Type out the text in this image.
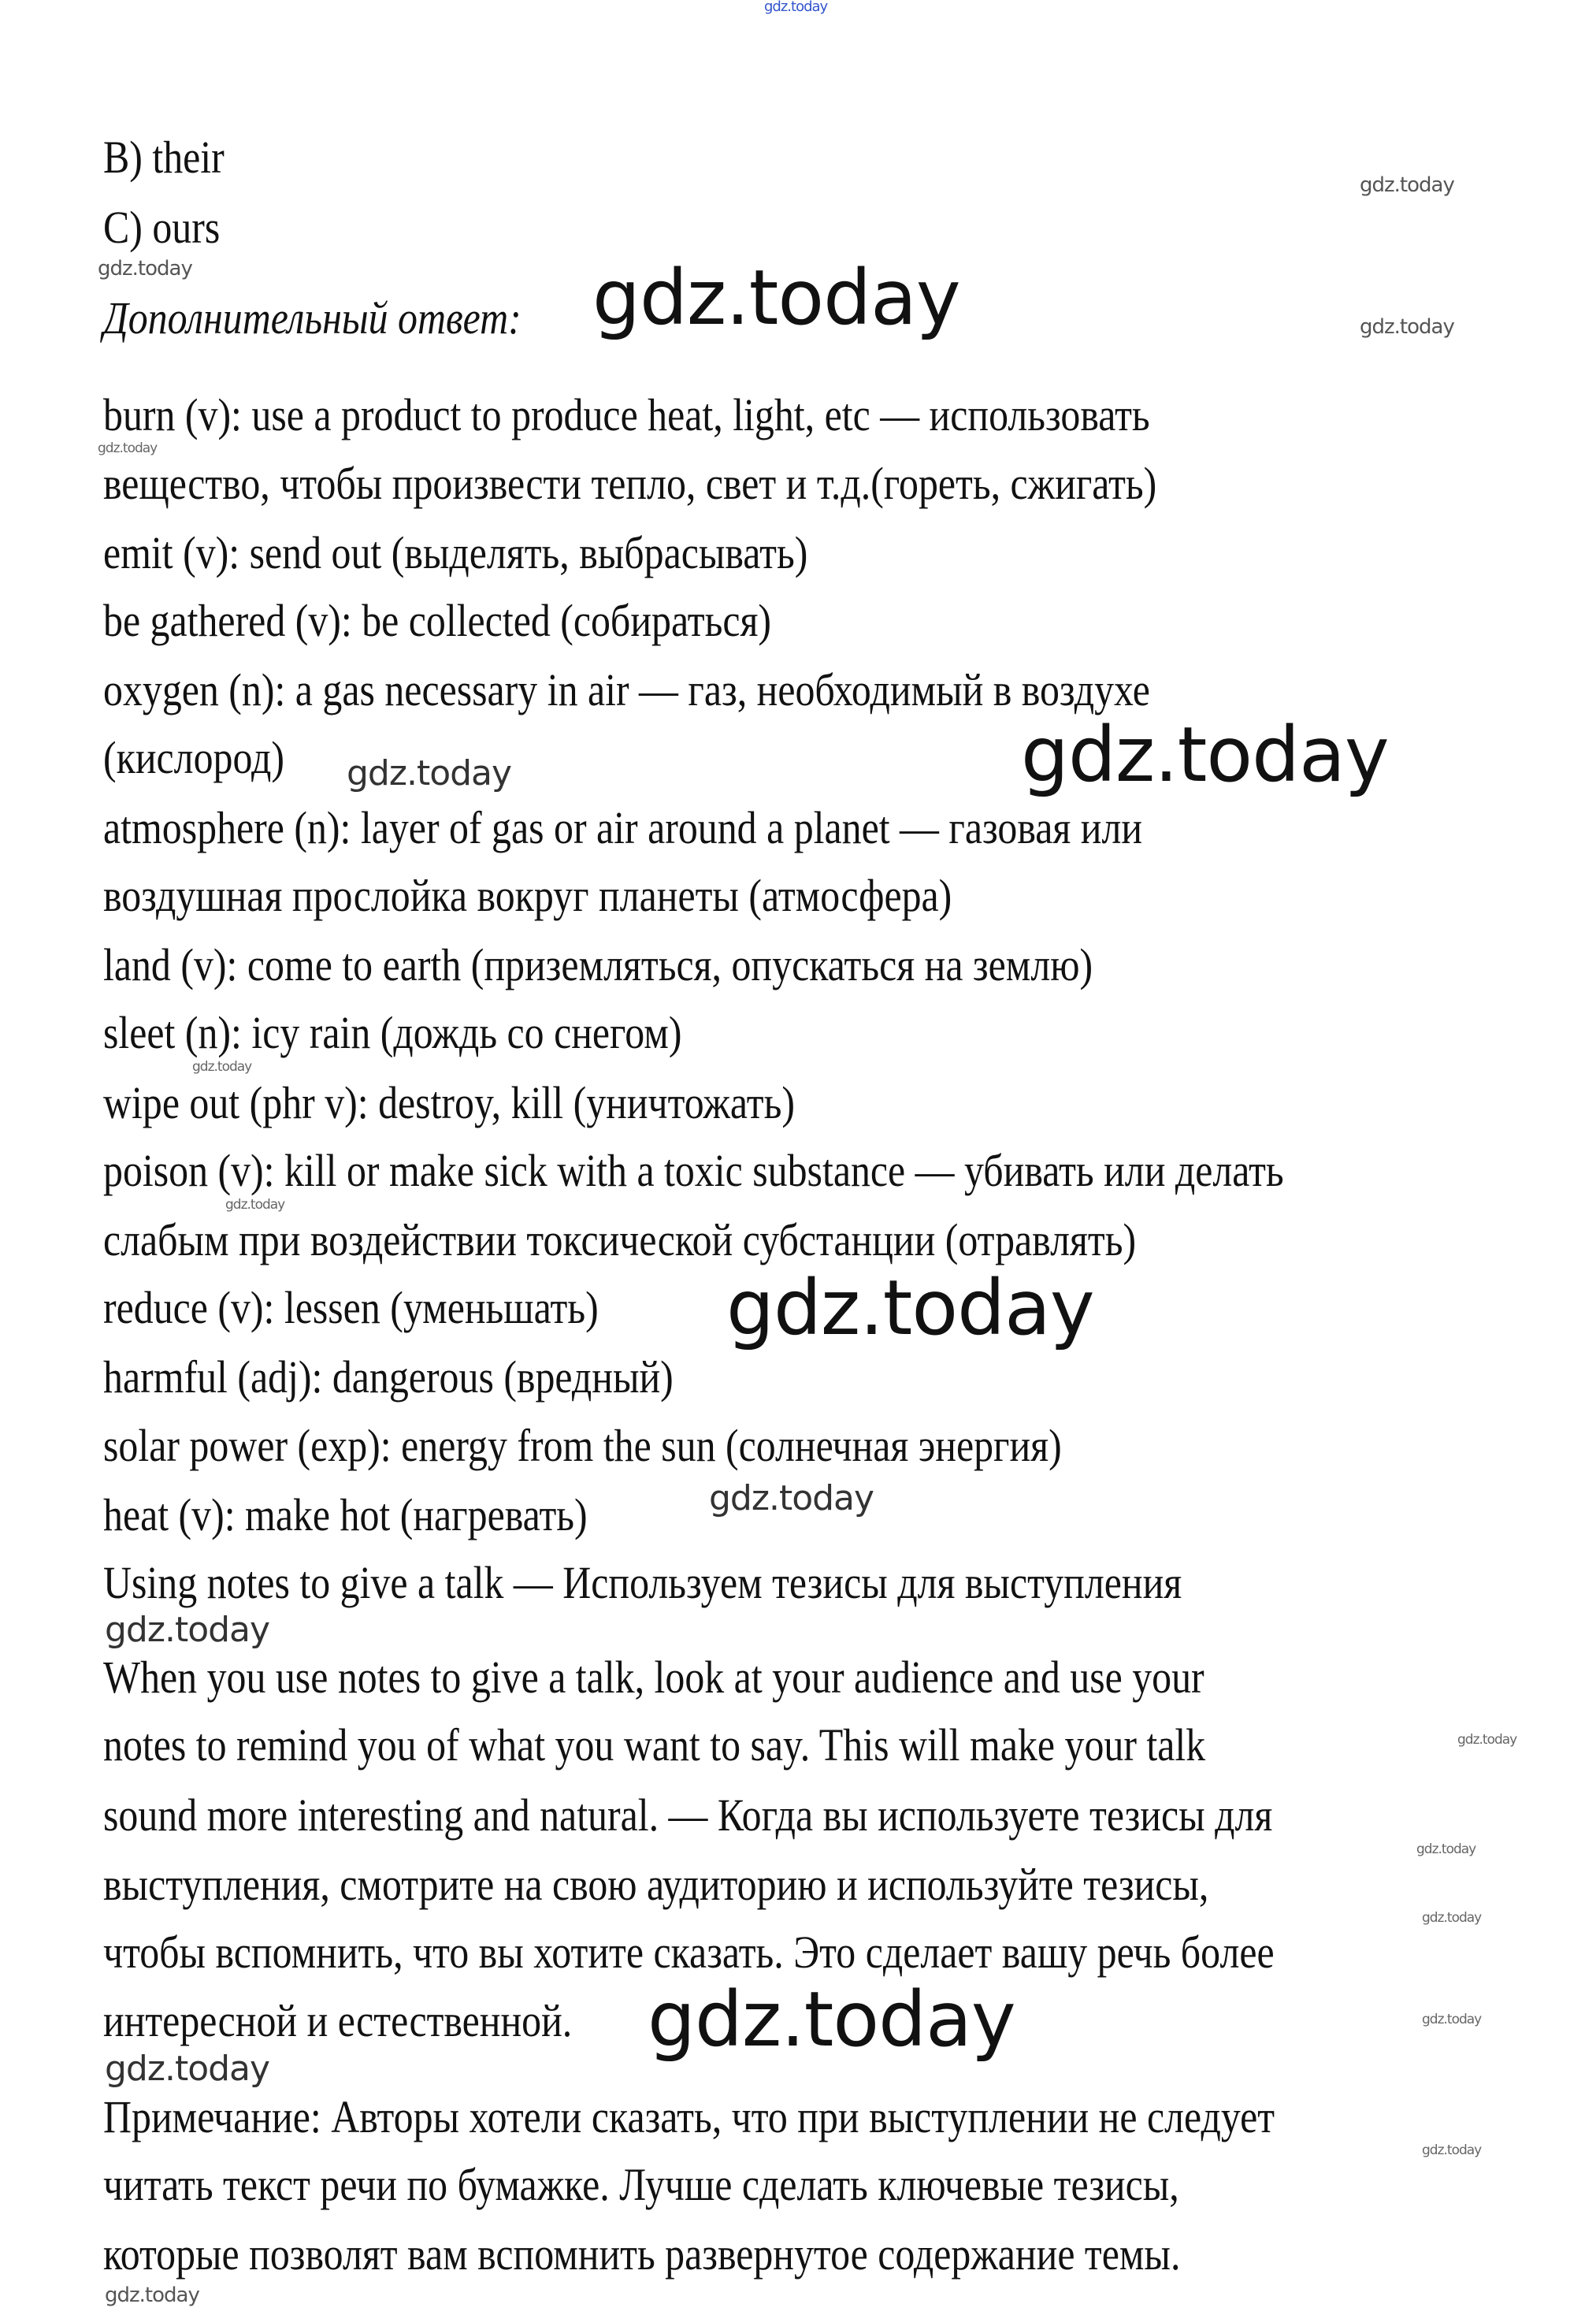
B) their
C) ours
Дополнительный ответ:
burn (v): use a product to produce heat, light, etc — использовать
вещество, чтобы произвести тепло, свет и т.д.(гореть, сжигать)
emit (v): send out (выделять, выбрасывать)
be gathered (v): be collected (собираться)
oxygen (n): a gas necessary in air — газ, необходимый в воздухе
(кислород)
atmosphere (n): layer of gas or air around a planet — газовая или
воздушная прослойка вокруг планеты (атмосфера)
land (v): come to earth (приземляться, опускаться на землю)
sleet (n): icy rain (дождь со снегом)
wipe out (phr v): destroy, kill (уничтожать)
poison (v): kill or make sick with a toxic substance — убивать или делать
слабым при воздействии токсической субстанции (отравлять)
reduce (v): lessen (уменьшать)
harmful (adj): dangerous (вредный)
solar power (exp): energy from the sun (солнечная энергия)
heat (v): make hot (нагревать)
Using notes to give a talk — Используем тезисы для выступления
When you use notes to give a talk, look at your audience and use your
notes to remind you of what you want to say. This will make your talk
sound more interesting and natural. — Когда вы используете тезисы для
выступления, смотрите на свою аудиторию и используйте тезисы,
чтобы вспомнить, что вы хотите сказать. Это сделает вашу речь более
интересной и естественной.
Примечание: Авторы хотели сказать, что при выступлении не следует
читать текст речи по бумажке. Лучше сделать ключевые тезисы,
которые позволят вам вспомнить развернутое содержание темы.
gdz.today
gdz.today
gdz.today	gdz.today	gdz.today
gdz.today
gdz.today	gdz.today
gdz.today
gdz.today
gdz.today
gdz.today
gdz.today
gdz.today
gdz.today
gdz.today
gdz.today
gdz.today
gdz.today
gdz.today
gdz.today
